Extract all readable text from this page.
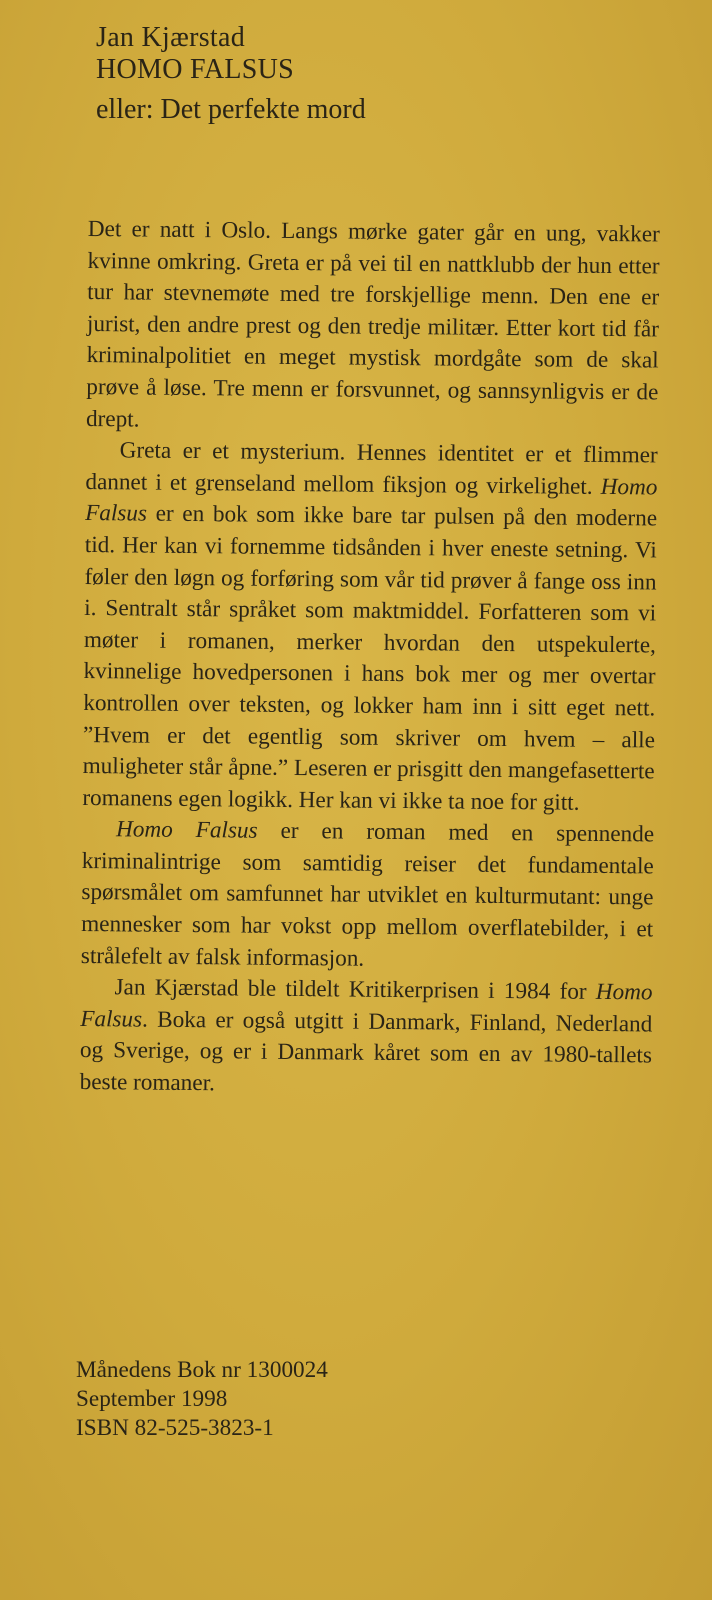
Jan Kjærstad
HOMO FALSUS
eller: Det perfekte mord

Det er natt i Oslo. Langs mørke gater går en ung, vakker kvinne omkring. Greta er på vei til en nattklubb der hun etter tur har stevnemøte med tre forskjellige menn. Den ene er jurist, den andre prest og den tredje militær. Etter kort tid får kriminalpolitiet en meget mystisk mordgåte som de skal prøve å løse. Tre menn er forsvunnet, og sannsynligvis er de drept.

Greta er et mysterium. Hennes identitet er et flimmer dannet i et grenseland mellom fiksjon og virkelighet. Homo Falsus er en bok som ikke bare tar pulsen på den moderne tid. Her kan vi fornemme tidsånden i hver eneste setning. Vi føler den løgn og forføring som vår tid prøver å fange oss inn i. Sentralt står språket som maktmiddel. Forfatteren som vi møter i romanen, merker hvordan den utspekulerte, kvinnelige hovedpersonen i hans bok mer og mer overtar kontrollen over teksten, og lokker ham inn i sitt eget nett. ”Hvem er det egentlig som skriver om hvem – alle muligheter står åpne.” Leseren er prisgitt den mangefasetterte romanens egen logikk. Her kan vi ikke ta noe for gitt.

Homo Falsus er en roman med en spennende kriminalintrige som samtidig reiser det fundamentale spørsmålet om samfunnet har utviklet en kulturmutant: unge mennesker som har vokst opp mellom overflatebilder, i et strålefelt av falsk informasjon.

Jan Kjærstad ble tildelt Kritikerprisen i 1984 for Homo Falsus. Boka er også utgitt i Danmark, Finland, Nederland og Sverige, og er i Danmark kåret som en av 1980-tallets beste romaner.

Månedens Bok nr 1300024
September 1998
ISBN 82-525-3823-1
